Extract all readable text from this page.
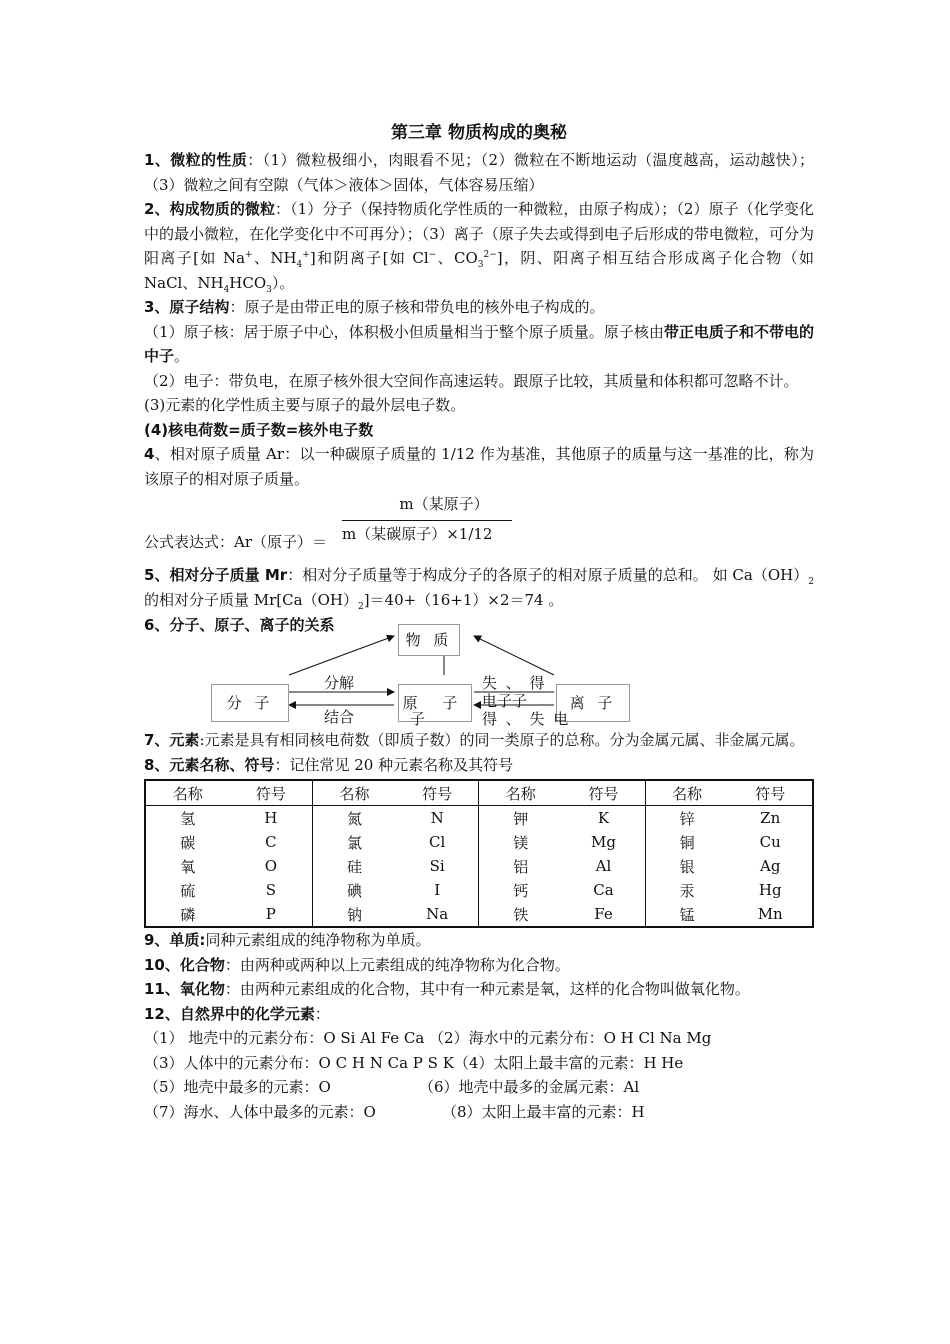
第三章 物质构成的奥秘

1、微粒的性质：（1）微粒极细小，肉眼看不见；（2）微粒在不断地运动（温度越高，运动越快）；（3）微粒之间有空隙（气体＞液体＞固体，气体容易压缩）

2、构成物质的微粒：（1）分子（保持物质化学性质的一种微粒，由原子构成）；（2）原子（化学变化中的最小微粒，在化学变化中不可再分）；（3）离子（原子失去或得到电子后形成的带电微粒，可分为阳离子[如 Na+、$NH_4^+$]和阴离子[如 Cl−、$CO_3^{2-}$]，阴、阳离子相互结合形成离子化合物（如 NaCl、$NH_4HCO_3$）。

3、原子结构：原子是由带正电的原子核和带负电的核外电子构成的。

（1）原子核：居于原子中心，体积极小但质量相当于整个原子质量。原子核由带正电质子和不带电的中子。

（2）电子：带负电，在原子核外很大空间作高速运转。跟原子比较，其质量和体积都可忽略不计。

(3)元素的化学性质主要与原子的最外层电子数。

(4)核电荷数=质子数=核外电子数

4、相对原子质量 Ar：以一种碳原子质量的 1/12 作为基准，其他原子的质量与这一基准的比，称为该原子的相对原子质量。

公式表达式：Ar（原子）＝
m（某原子）
m（某碳原子）×1/12

5、相对分子质量 Mr：相对分子质量等于构成分子的各原子的相对原子质量的总和。 如 $Ca(OH)_2$的相对分子质量 $Mr[Ca(OH)_2]=40+(16+1)\times 2=74$ 。

6、分子、原子、离子的关系
物 质
分 子	原 子	离 子
分解
结合
失 、 得
电子子
得 、 失 电
子

7、元素:元素是具有相同核电荷数（即质子数）的同一类原子的总称。分为金属元属、非金属元属。

8、元素名称、符号：记住常见 20 种元素名称及其符号

名称	符号	名称	符号	名称	符号	名称	符号
氢	H	氮	N	钾	K	锌	Zn
碳	C	氯	Cl	镁	Mg	铜	Cu
氧	O	硅	Si	铝	Al	银	Ag
硫	S	碘	I	钙	Ca	汞	Hg
磷	P	钠	Na	铁	Fe	锰	Mn

9、单质:同种元素组成的纯净物称为单质。

10、化合物：由两种或两种以上元素组成的纯净物称为化合物。

11、氧化物：由两种元素组成的化合物，其中有一种元素是氧，这样的化合物叫做氧化物。

12、自然界中的化学元素：

（1） 地壳中的元素分布：O Si Al Fe Ca （2）海水中的元素分布：O H Cl Na Mg

（3）人体中的元素分布：O C H N Ca P S K（4）太阳上最丰富的元素：H He

（5）地壳中最多的元素：O	（6）地壳中最多的金属元素：Al

（7）海水、人体中最多的元素：O	（8）太阳上最丰富的元素：H
